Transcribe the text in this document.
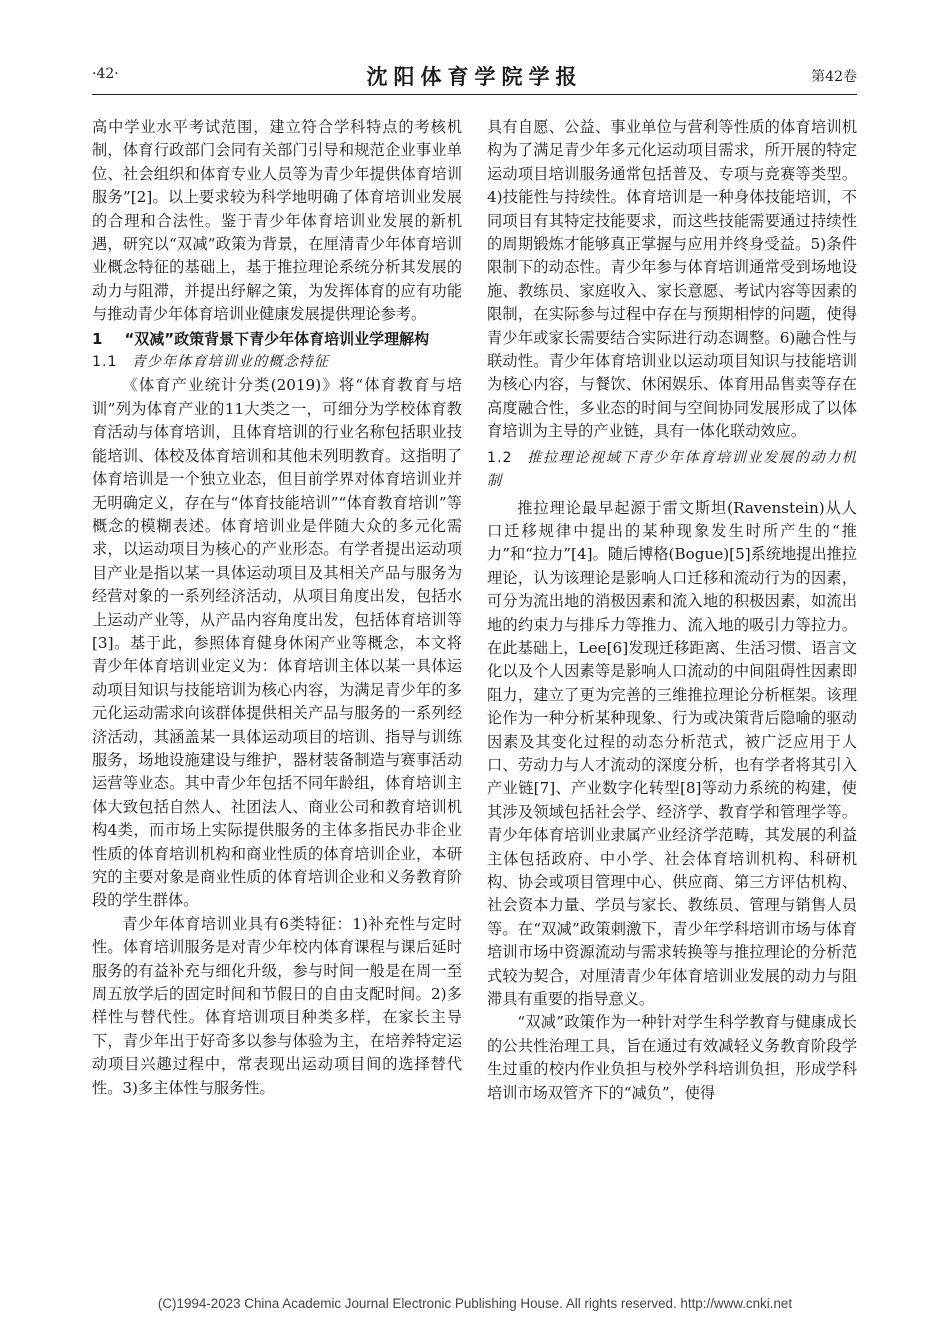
·42·	沈阳体育学院学报	第42卷

高中学业水平考试范围，建立符合学科特点的考核机制，体育行政部门会同有关部门引导和规范企业事业单位、社会组织和体育专业人员等为青少年提供体育培训服务”[2]。以上要求较为科学地明确了体育培训业发展的合理和合法性。鉴于青少年体育培训业发展的新机遇，研究以“双减”政策为背景，在厘清青少年体育培训业概念特征的基础上，基于推拉理论系统分析其发展的动力与阻滞，并提出纾解之策，为发挥体育的应有功能与推动青少年体育培训业健康发展提供理论参考。

1 “双减”政策背景下青少年体育培训业学理解构
1.1 青少年体育培训业的概念特征

《体育产业统计分类(2019)》将“体育教育与培训”列为体育产业的11大类之一，可细分为学校体育教育活动与体育培训，且体育培训的行业名称包括职业技能培训、体校及体育培训和其他未列明教育。这指明了体育培训是一个独立业态，但目前学界对体育培训业并无明确定义，存在与“体育技能培训”“体育教育培训”等概念的模糊表述。体育培训业是伴随大众的多元化需求，以运动项目为核心的产业形态。有学者提出运动项目产业是指以某一具体运动项目及其相关产品与服务为经营对象的一系列经济活动，从项目角度出发，包括水上运动产业等，从产品内容角度出发，包括体育培训等[3]。基于此，参照体育健身休闲产业等概念，本文将青少年体育培训业定义为：体育培训主体以某一具体运动项目知识与技能培训为核心内容，为满足青少年的多元化运动需求向该群体提供相关产品与服务的一系列经济活动，其涵盖某一具体运动项目的培训、指导与训练服务，场地设施建设与维护，器材装备制造与赛事活动运营等业态。其中青少年包括不同年龄组，体育培训主体大致包括自然人、社团法人、商业公司和教育培训机构4类，而市场上实际提供服务的主体多指民办非企业性质的体育培训机构和商业性质的体育培训企业，本研究的主要对象是商业性质的体育培训企业和义务教育阶段的学生群体。

青少年体育培训业具有6类特征：1)补充性与定时性。体育培训服务是对青少年校内体育课程与课后延时服务的有益补充与细化升级，参与时间一般是在周一至周五放学后的固定时间和节假日的自由支配时间。2)多样性与替代性。体育培训项目种类多样，在家长主导下，青少年出于好奇多以参与体验为主，在培养特定运动项目兴趣过程中，常表现出运动项目间的选择替代性。3)多主体性与服务性。

具有自愿、公益、事业单位与营利等性质的体育培训机构为了满足青少年多元化运动项目需求，所开展的特定运动项目培训服务通常包括普及、专项与竞赛等类型。4)技能性与持续性。体育培训是一种身体技能培训，不同项目有其特定技能要求，而这些技能需要通过持续性的周期锻炼才能够真正掌握与应用并终身受益。5)条件限制下的动态性。青少年参与体育培训通常受到场地设施、教练员、家庭收入、家长意愿、考试内容等因素的限制，在实际参与过程中存在与预期相悖的问题，使得青少年或家长需要结合实际进行动态调整。6)融合性与联动性。青少年体育培训业以运动项目知识与技能培训为核心内容，与餐饮、休闲娱乐、体育用品售卖等存在高度融合性，多业态的时间与空间协同发展形成了以体育培训为主导的产业链，具有一体化联动效应。

1.2 推拉理论视域下青少年体育培训业发展的动力机制

推拉理论最早起源于雷文斯坦(Ravenstein)从人口迁移规律中提出的某种现象发生时所产生的“推力”和“拉力”[4]。随后博格(Bogue)[5]系统地提出推拉理论，认为该理论是影响人口迁移和流动行为的因素，可分为流出地的消极因素和流入地的积极因素，如流出地的约束力与排斥力等推力、流入地的吸引力等拉力。在此基础上，Lee[6]发现迁移距离、生活习惯、语言文化以及个人因素等是影响人口流动的中间阻碍性因素即阻力，建立了更为完善的三维推拉理论分析框架。该理论作为一种分析某种现象、行为或决策背后隐喻的驱动因素及其变化过程的动态分析范式，被广泛应用于人口、劳动力与人才流动的深度分析，也有学者将其引入产业链[7]、产业数字化转型[8]等动力系统的构建，使其涉及领域包括社会学、经济学、教育学和管理学等。青少年体育培训业隶属产业经济学范畴，其发展的利益主体包括政府、中小学、社会体育培训机构、科研机构、协会或项目管理中心、供应商、第三方评估机构、社会资本力量、学员与家长、教练员、管理与销售人员等。在“双减”政策刺激下，青少年学科培训市场与体育培训市场中资源流动与需求转换等与推拉理论的分析范式较为契合，对厘清青少年体育培训业发展的动力与阻滞具有重要的指导意义。

“双减”政策作为一种针对学生科学教育与健康成长的公共性治理工具，旨在通过有效减轻义务教育阶段学生过重的校内作业负担与校外学科培训负担，形成学科培训市场双管齐下的“减负”，使得

(C)1994-2023 China Academic Journal Electronic Publishing House. All rights reserved. http://www.cnki.net
